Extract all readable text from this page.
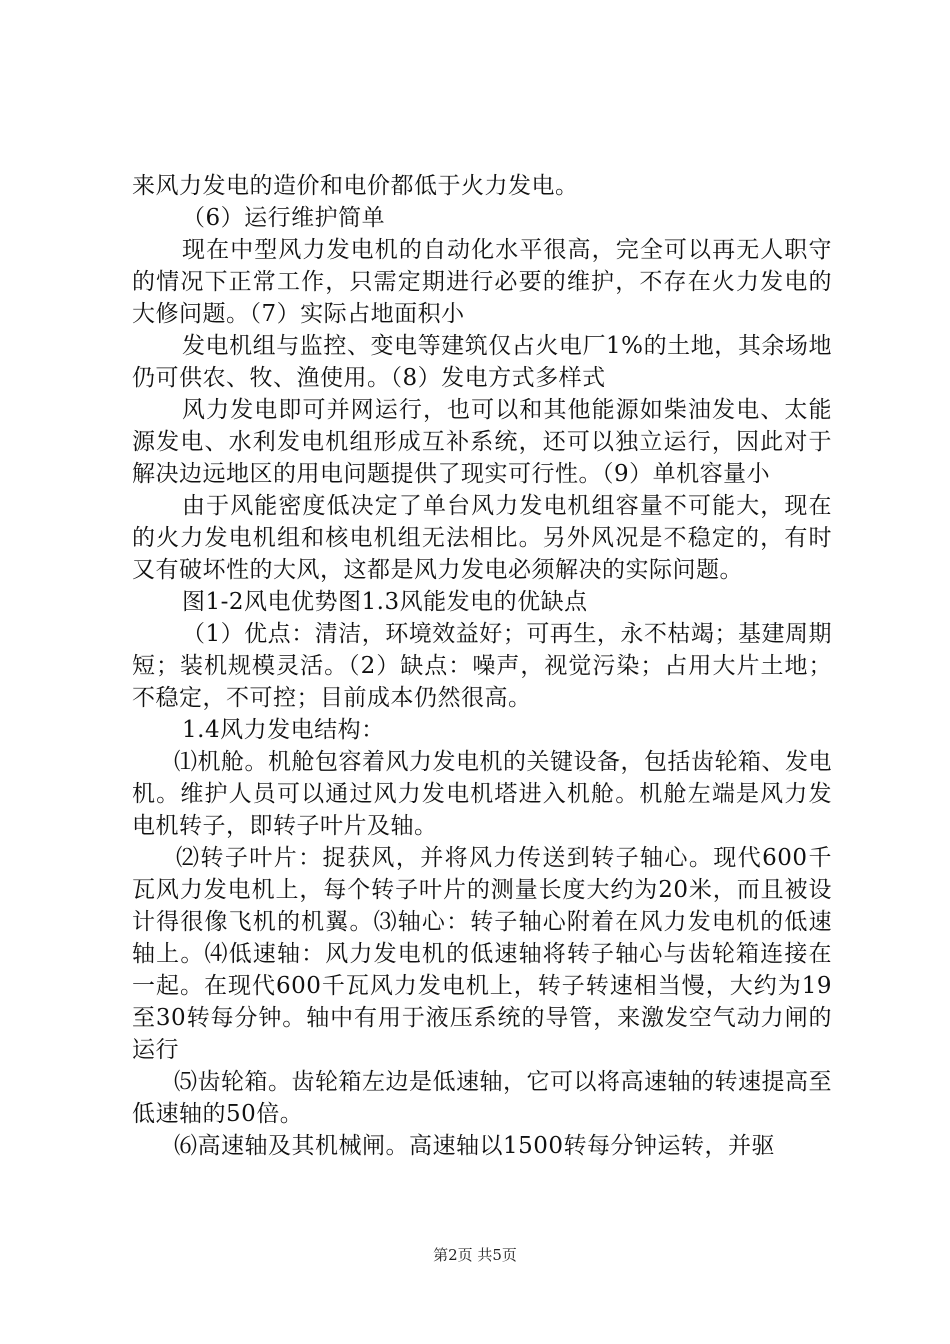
来风力发电的造价和电价都低于火力发电。

（6）运行维护简单

现在中型风力发电机的自动化水平很高，完全可以再无人职守的情况下正常工作，只需定期进行必要的维护，不存在火力发电的大修问题。（7）实际占地面积小

发电机组与监控、变电等建筑仅占火电厂1%的土地，其余场地仍可供农、牧、渔使用。（8）发电方式多样式

风力发电即可并网运行，也可以和其他能源如柴油发电、太能源发电、水利发电机组形成互补系统，还可以独立运行，因此对于解决边远地区的用电问题提供了现实可行性。（9）单机容量小

由于风能密度低决定了单台风力发电机组容量不可能大，现在的火力发电机组和核电机组无法相比。另外风况是不稳定的，有时又有破坏性的大风，这都是风力发电必须解决的实际问题。

图1-2风电优势图1.3风能发电的优缺点

（1）优点：清洁，环境效益好；可再生，永不枯竭；基建周期短；装机规模灵活。（2）缺点：噪声，视觉污染；占用大片土地；不稳定，不可控；目前成本仍然很高。

1.4风力发电结构：

⑴机舱。机舱包容着风力发电机的关键设备，包括齿轮箱、发电机。维护人员可以通过风力发电机塔进入机舱。机舱左端是风力发电机转子，即转子叶片及轴。

⑵转子叶片：捉获风，并将风力传送到转子轴心。现代600千瓦风力发电机上，每个转子叶片的测量长度大约为20米，而且被设计得很像飞机的机翼。⑶轴心：转子轴心附着在风力发电机的低速轴上。⑷低速轴：风力发电机的低速轴将转子轴心与齿轮箱连接在一起。在现代600千瓦风力发电机上，转子转速相当慢，大约为19至30转每分钟。轴中有用于液压系统的导管，来激发空气动力闸的运行

⑸齿轮箱。齿轮箱左边是低速轴，它可以将高速轴的转速提高至低速轴的50倍。

⑹高速轴及其机械闸。高速轴以1500转每分钟运转，并驱

第2页 共5页
